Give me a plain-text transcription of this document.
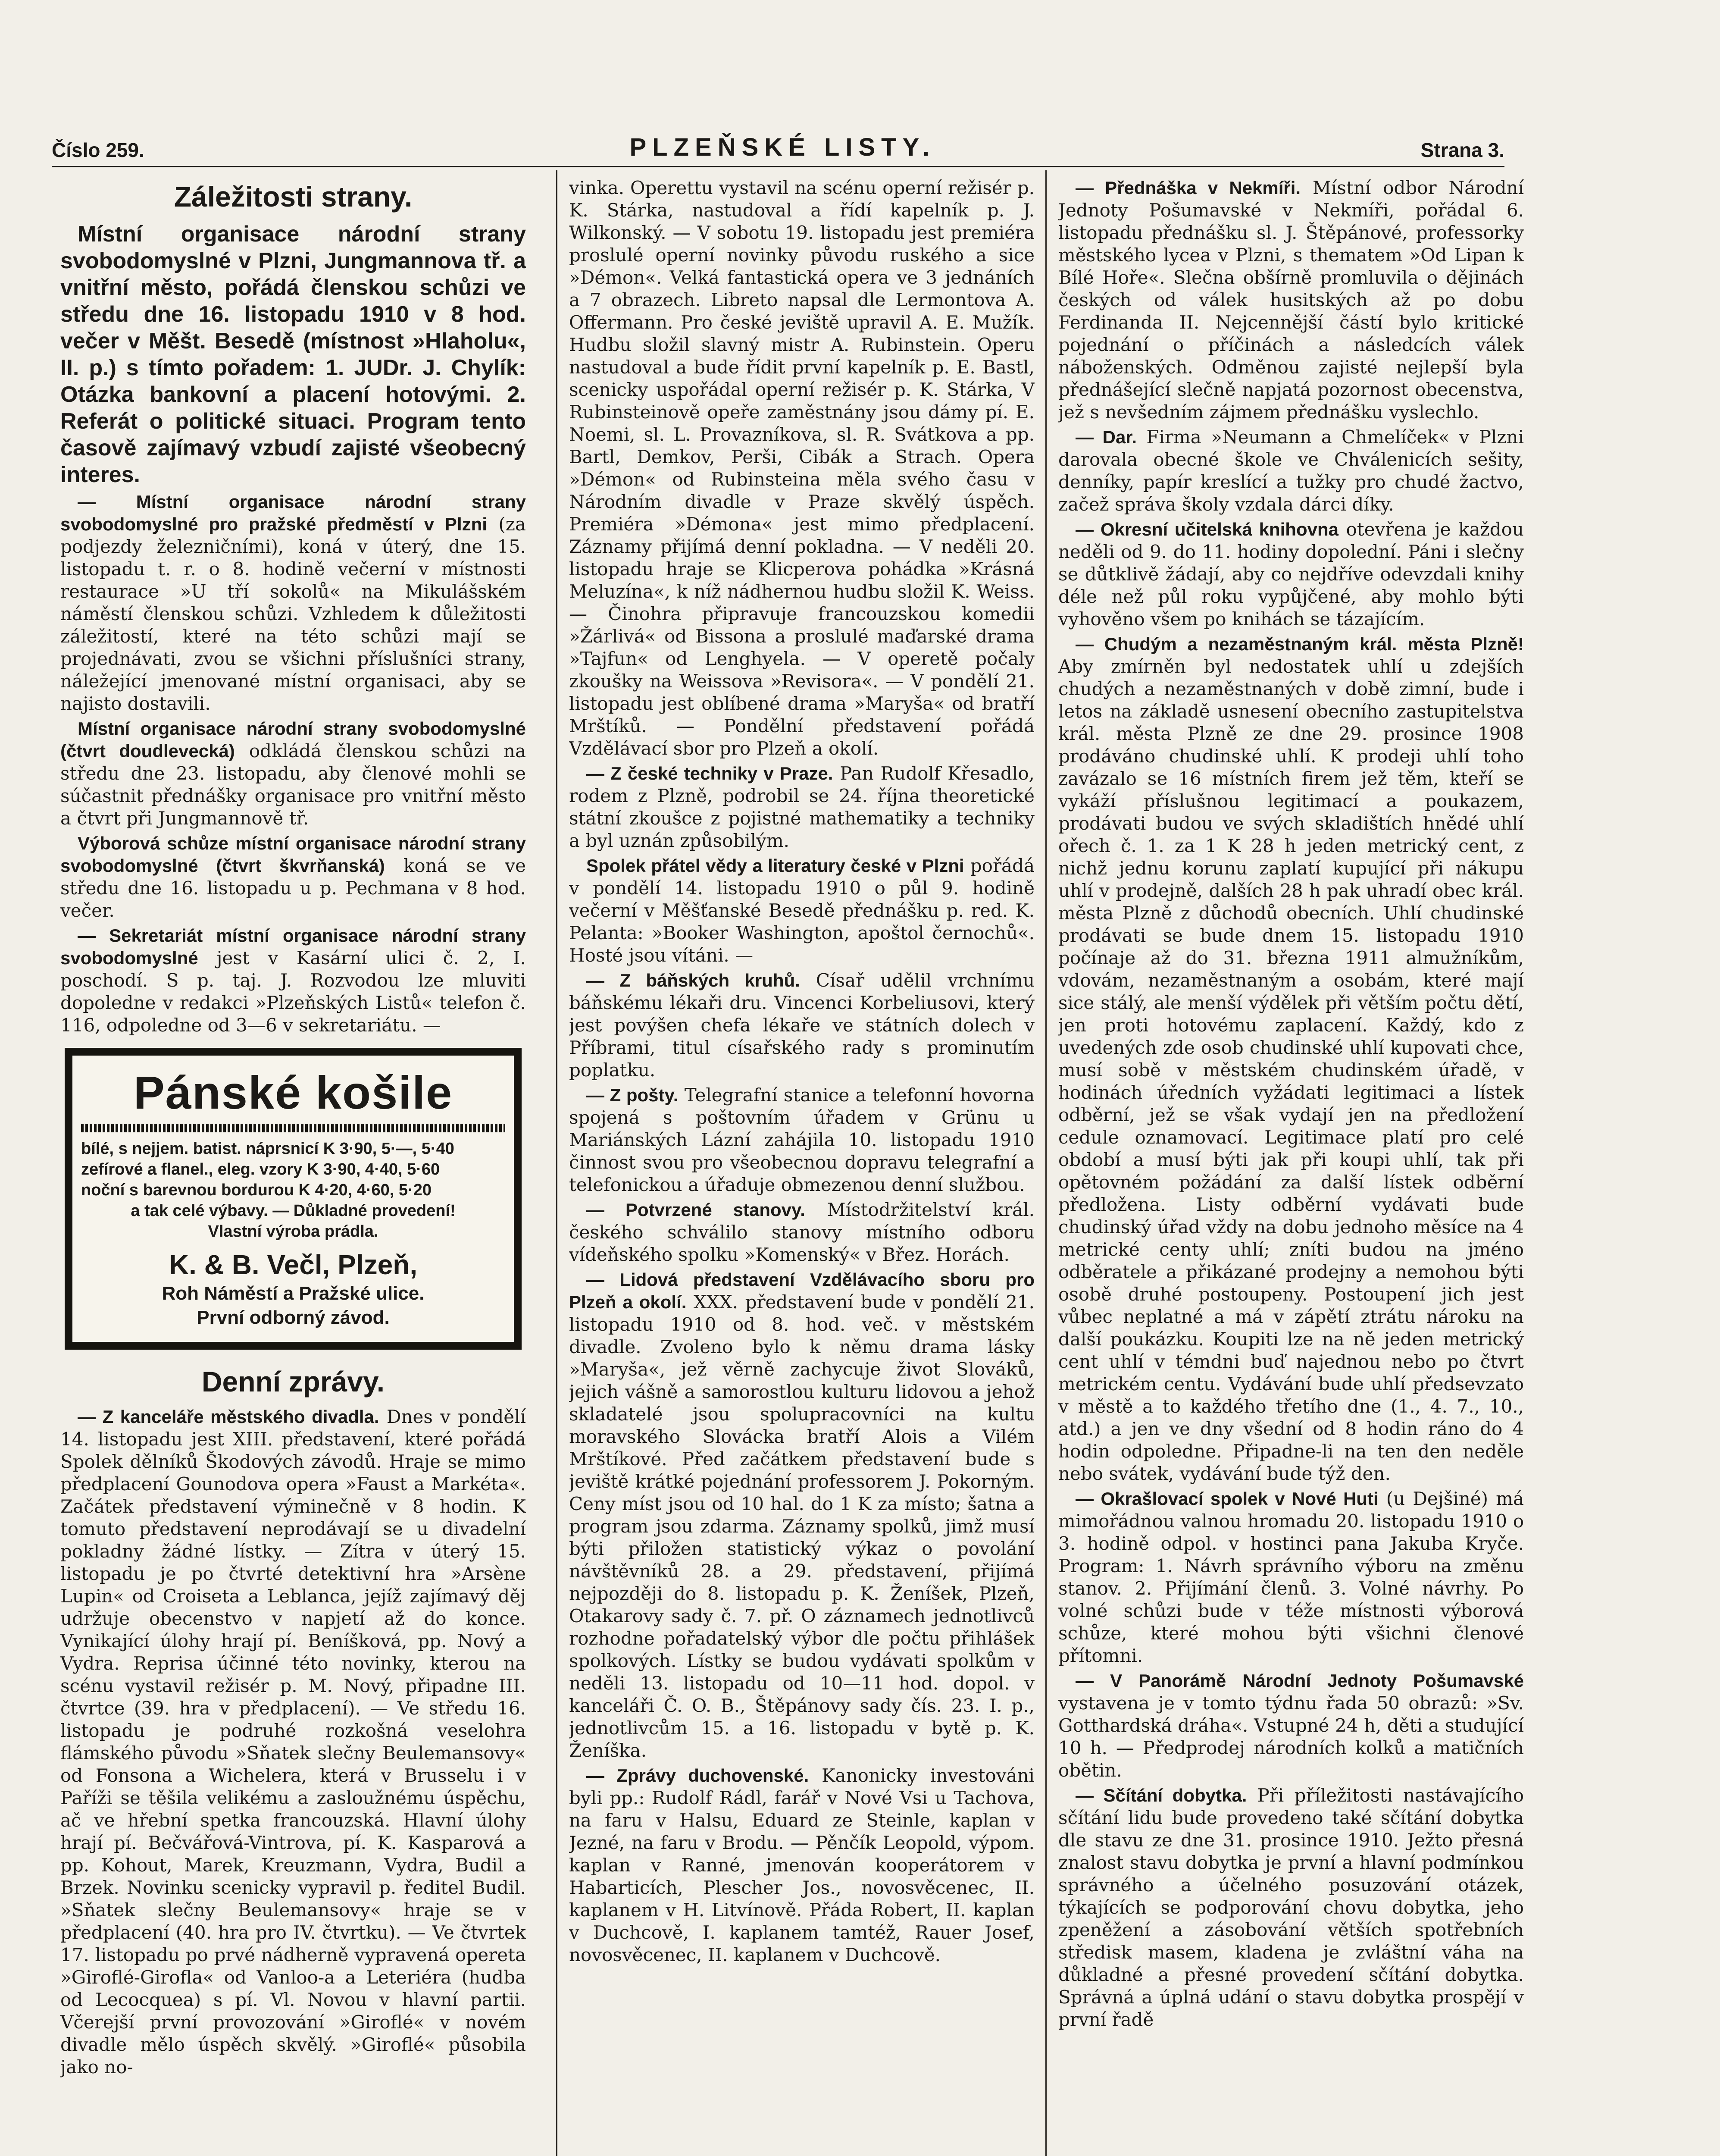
Číslo 259.	PLZEŇSKÉ LISTY.	Strana 3.
Záležitosti strany.

Místní organisace národní strany svobodomyslné v Plzni, Jungmannova tř. a vnitřní město, pořádá členskou schůzi ve středu dne 16. listopadu 1910 v 8 hod. večer v Měšt. Besedě (místnost »Hlaholu«, II. p.) s tímto pořadem: 1. JUDr. J. Chylík: Otázka bankovní a placení hotovými. 2. Referát o politické situaci. Program tento časově zajímavý vzbudí zajisté všeobecný interes.

— Místní organisace národní strany svobodomyslné pro pražské předměstí v Plzni (za podjezdy železničními), koná v úterý, dne 15. listopadu t. r. o 8. hodině večerní v místnosti restaurace »U tří sokolů« na Mikulášském náměstí členskou schůzi. Vzhledem k důležitosti záležitostí, které na této schůzi mají se projednávati, zvou se všichni příslušníci strany, náležející jmenované místní organisaci, aby se najisto dostavili.

Místní organisace národní strany svobodomyslné (čtvrt doudlevecká) odkládá členskou schůzi na středu dne 23. listopadu, aby členové mohli se súčastnit přednášky organisace pro vnitřní město a čtvrt při Jungmannově tř.

Výborová schůze místní organisace národní strany svobodomyslné (čtvrt škvrňanská) koná se ve středu dne 16. listopadu u p. Pechmana v 8 hod. večer.

— Sekretariát místní organisace národní strany svobodomyslné jest v Kasární ulici č. 2, I. poschodí. S p. taj. J. Rozvodou lze mluviti dopoledne v redakci »Plzeňských Listů« telefon č. 116, odpoledne od 3—6 v sekretariátu. —

Pánské košile
bílé, s nejjem. batist. náprsnicí K 3·90, 5·—, 5·40
zefírové a flanel., eleg. vzory K 3·90, 4·40, 5·60
noční s barevnou bordurou K 4·20, 4·60, 5·20
a tak celé výbavy. — Důkladné provedení!
Vlastní výroba prádla.
K. & B. Večl, Plzeň,
Roh Náměstí a Pražské ulice.
První odborný závod.
Denní zprávy.

— Z kanceláře městského divadla. Dnes v pondělí 14. listopadu jest XIII. představení, které pořádá Spolek dělníků Škodových závodů. Hraje se mimo předplacení Gounodova opera »Faust a Markéta«. Začátek představení výminečně v 8 hodin. K tomuto představení neprodávají se u divadelní pokladny žádné lístky. — Zítra v úterý 15. listopadu je po čtvrté detektivní hra »Arsène Lupin« od Croiseta a Leblanca, jejíž zajímavý děj udržuje obecenstvo v napjetí až do konce. Vynikající úlohy hrají pí. Beníšková, pp. Nový a Vydra. Reprisa účinné této novinky, kterou na scénu vystavil režisér p. M. Nový, připadne III. čtvrtce (39. hra v předplacení). — Ve středu 16. listopadu je podruhé rozkošná veselohra flámského původu »Sňatek slečny Beulemansovy« od Fonsona a Wichelera, která v Brusselu i v Paříži se těšila velikému a zasloužnému úspěchu, ač ve hřební spetka francouzská. Hlavní úlohy hrají pí. Bečvářová-Vintrova, pí. K. Kasparová a pp. Kohout, Marek, Kreuzmann, Vydra, Budil a Brzek. Novinku scenicky vypravil p. ředitel Budil. »Sňatek slečny Beulemansovy« hraje se v předplacení (40. hra pro IV. čtvrtku). — Ve čtvrtek 17. listopadu po prvé nádherně vypravená opereta »Giroflé-Girofla« od Vanloo-a a Leteriéra (hudba od Lecocquea) s pí. Vl. Novou v hlavní partii. Včerejší první provozování »Giroflé« v novém divadle mělo úspěch skvělý. »Giroflé« působila jako no-

vinka. Operettu vystavil na scénu operní režisér p. K. Stárka, nastudoval a řídí kapelník p. J. Wilkonský. — V sobotu 19. listopadu jest premiéra proslulé operní novinky původu ruského a sice »Démon«. Velká fantastická opera ve 3 jednáních a 7 obrazech. Libreto napsal dle Lermontova A. Offermann. Pro české jeviště upravil A. E. Mužík. Hudbu složil slavný mistr A. Rubinstein. Operu nastudoval a bude řídit první kapelník p. E. Bastl, scenicky uspořádal operní režisér p. K. Stárka, V Rubinsteinově opeře zaměstnány jsou dámy pí. E. Noemi, sl. L. Provazníkova, sl. R. Svátkova a pp. Bartl, Demkov, Perši, Cibák a Strach. Opera »Démon« od Rubinsteina měla svého času v Národním divadle v Praze skvělý úspěch. Premiéra »Démona« jest mimo předplacení. Záznamy přijímá denní pokladna. — V neděli 20. listopadu hraje se Klicperova pohádka »Krásná Meluzína«, k níž nádhernou hudbu složil K. Weiss. — Činohra připravuje francouzskou komedii »Žárlivá« od Bissona a proslulé maďarské drama »Tajfun« od Lenghyela. — V operetě počaly zkoušky na Weissova »Revisora«. — V pondělí 21. listopadu jest oblíbené drama »Maryša« od bratří Mrštíků. — Pondělní představení pořádá Vzdělávací sbor pro Plzeň a okolí.

— Z české techniky v Praze. Pan Rudolf Křesadlo, rodem z Plzně, podrobil se 24. října theoretické státní zkoušce z pojistné mathematiky a techniky a byl uznán způsobilým.

Spolek přátel vědy a literatury české v Plzni pořádá v pondělí 14. listopadu 1910 o půl 9. hodině večerní v Měšťanské Besedě přednášku p. red. K. Pelanta: »Booker Washington, apoštol černochů«. Hosté jsou vítáni. —

— Z báňských kruhů. Císař udělil vrchnímu báňskému lékaři dru. Vincenci Korbeliusovi, který jest povýšen chefa lékaře ve státních dolech v Příbrami, titul císařského rady s prominutím poplatku.

— Z pošty. Telegrafní stanice a telefonní hovorna spojená s poštovním úřadem v Grünu u Mariánských Lázní zahájila 10. listopadu 1910 činnost svou pro všeobecnou dopravu telegrafní a telefonickou a úřaduje obmezenou denní službou.

— Potvrzené stanovy. Místodržitelství král. českého schválilo stanovy místního odboru vídeňského spolku »Komenský« v Břez. Horách.

— Lidová představení Vzdělávacího sboru pro Plzeň a okolí. XXX. představení bude v pondělí 21. listopadu 1910 od 8. hod. več. v městském divadle. Zvoleno bylo k němu drama lásky »Maryša«, jež věrně zachycuje život Slováků, jejich vášně a samorostlou kulturu lidovou a jehož skladatelé jsou spolupracovníci na kultu moravského Slovácka bratří Alois a Vilém Mrštíkové. Před začátkem představení bude s jeviště krátké pojednání professorem J. Pokorným. Ceny míst jsou od 10 hal. do 1 K za místo; šatna a program jsou zdarma. Záznamy spolků, jimž musí býti přiložen statistický výkaz o povolání návštěvníků 28. a 29. představení, přijímá nejpozději do 8. listopadu p. K. Ženíšek, Plzeň, Otakarovy sady č. 7. př. O záznamech jednotlivců rozhodne pořadatelský výbor dle počtu přihlášek spolkových. Lístky se budou vydávati spolkům v neděli 13. listopadu od 10—11 hod. dopol. v kanceláři Č. O. B., Štěpánovy sady čís. 23. I. p., jednotlivcům 15. a 16. listopadu v bytě p. K. Ženíška.

— Zprávy duchovenské. Kanonicky investováni byli pp.: Rudolf Rádl, farář v Nové Vsi u Tachova, na faru v Halsu, Eduard ze Steinle, kaplan v Jezné, na faru v Brodu. — Pěnčík Leopold, výpom. kaplan v Ranné, jmenován kooperátorem v Habarticích, Plescher Jos., novosvěcenec, II. kaplanem v H. Litvínově. Přáda Robert, II. kaplan v Duchcově, I. kaplanem tamtéž, Rauer Josef, novosvěcenec, II. kaplanem v Duchcově.

— Přednáška v Nekmíři. Místní odbor Národní Jednoty Pošumavské v Nekmíři, pořádal 6. listopadu přednášku sl. J. Štěpánové, professorky městského lycea v Plzni, s thematem »Od Lipan k Bílé Hoře«. Slečna obšírně promluvila o dějinách českých od válek husitských až po dobu Ferdinanda II. Nejcennější částí bylo kritické pojednání o příčinách a následcích válek náboženských. Odměnou zajisté nejlepší byla přednášející slečně napjatá pozornost obecenstva, jež s nevšedním zájmem přednášku vyslechlo.

— Dar. Firma »Neumann a Chmelíček« v Plzni darovala obecné škole ve Chválenicích sešity, denníky, papír kreslící a tužky pro chudé žactvo, začež správa školy vzdala dárci díky.

— Okresní učitelská knihovna otevřena je každou neděli od 9. do 11. hodiny dopolední. Páni i slečny se důtklivě žádají, aby co nejdříve odevzdali knihy déle než půl roku vypůjčené, aby mohlo býti vyhověno všem po knihách se tázajícím.

— Chudým a nezaměstnaným král. města Plzně! Aby zmírněn byl nedostatek uhlí u zdejších chudých a nezaměstnaných v době zimní, bude i letos na základě usnesení obecního zastupitelstva král. města Plzně ze dne 29. prosince 1908 prodáváno chudinské uhlí. K prodeji uhlí toho zavázalo se 16 místních firem jež těm, kteří se vykáží příslušnou legitimací a poukazem, prodávati budou ve svých skladištích hnědé uhlí ořech č. 1. za 1 K 28 h jeden metrický cent, z nichž jednu korunu zaplatí kupující při nákupu uhlí v prodejně, dalších 28 h pak uhradí obec král. města Plzně z důchodů obecních. Uhlí chudinské prodávati se bude dnem 15. listopadu 1910 počínaje až do 31. března 1911 almužníkům, vdovám, nezaměstnaným a osobám, které mají sice stálý, ale menší výdělek při větším počtu dětí, jen proti hotovému zaplacení. Každý, kdo z uvedených zde osob chudinské uhlí kupovati chce, musí sobě v městském chudinském úřadě, v hodinách úředních vyžádati legitimaci a lístek odběrní, jež se však vydají jen na předložení cedule oznamovací. Legitimace platí pro celé období a musí býti jak při koupi uhlí, tak při opětovném požádání za další lístek odběrní předložena. Listy odběrní vydávati bude chudinský úřad vždy na dobu jednoho měsíce na 4 metrické centy uhlí; zníti budou na jméno odběratele a přikázané prodejny a nemohou býti osobě druhé postoupeny. Postoupení jich jest vůbec neplatné a má v zápětí ztrátu nároku na další poukázku. Koupiti lze na ně jeden metrický cent uhlí v témdni buď najednou nebo po čtvrt metrickém centu. Vydávání bude uhlí předsevzato v městě a to každého třetího dne (1., 4. 7., 10., atd.) a jen ve dny všední od 8 hodin ráno do 4 hodin odpoledne. Připadne-li na ten den neděle nebo svátek, vydávání bude týž den.

— Okrašlovací spolek v Nové Huti (u Dejšiné) má mimořádnou valnou hromadu 20. listopadu 1910 o 3. hodině odpol. v hostinci pana Jakuba Kryče. Program: 1. Návrh správního výboru na změnu stanov. 2. Přijímání členů. 3. Volné návrhy. Po volné schůzi bude v téže místnosti výborová schůze, které mohou býti všichni členové přítomni.

— V Panorámě Národní Jednoty Pošumavské vystavena je v tomto týdnu řada 50 obrazů: »Sv. Gotthardská dráha«. Vstupné 24 h, děti a studující 10 h. — Předprodej národních kolků a matičních obětin.

— Sčítání dobytka. Při příležitosti nastávajícího sčítání lidu bude provedeno také sčítání dobytka dle stavu ze dne 31. prosince 1910. Ježto přesná znalost stavu dobytka je první a hlavní podmínkou správného a účelného posuzování otázek, týkajících se podporování chovu dobytka, jeho zpeněžení a zásobování větších spotřebních středisk masem, kladena je zvláštní váha na důkladné a přesné provedení sčítání dobytka. Správná a úplná udání o stavu dobytka prospějí v první řadě
